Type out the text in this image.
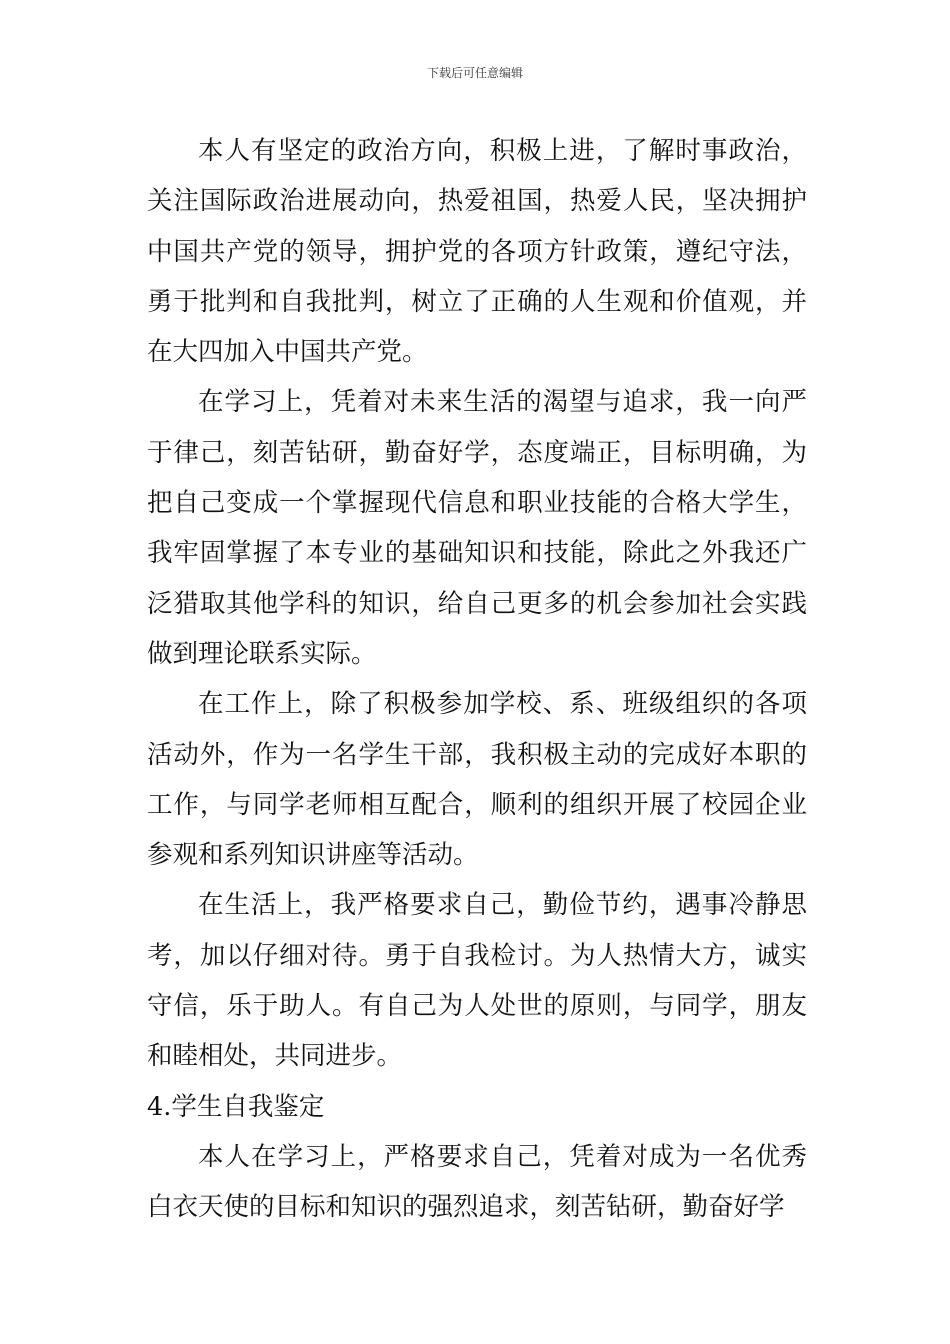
下载后可任意编辑

本人有坚定的政治方向，积极上进，了解时事政治，关注国际政治进展动向，热爱祖国，热爱人民，坚决拥护中国共产党的领导，拥护党的各项方针政策，遵纪守法，勇于批判和自我批判，树立了正确的人生观和价值观，并在大四加入中国共产党。

在学习上，凭着对未来生活的渴望与追求，我一向严于律己，刻苦钻研，勤奋好学，态度端正，目标明确，为把自己变成一个掌握现代信息和职业技能的合格大学生，我牢固掌握了本专业的基础知识和技能，除此之外我还广泛猎取其他学科的知识，给自己更多的机会参加社会实践做到理论联系实际。

在工作上，除了积极参加学校、系、班级组织的各项活动外，作为一名学生干部，我积极主动的完成好本职的工作，与同学老师相互配合，顺利的组织开展了校园企业参观和系列知识讲座等活动。

在生活上，我严格要求自己，勤俭节约，遇事冷静思考，加以仔细对待。勇于自我检讨。为人热情大方，诚实守信，乐于助人。有自己为人处世的原则，与同学，朋友和睦相处，共同进步。

4.学生自我鉴定

本人在学习上，严格要求自己，凭着对成为一名优秀白衣天使的目标和知识的强烈追求，刻苦钻研，勤奋好学
